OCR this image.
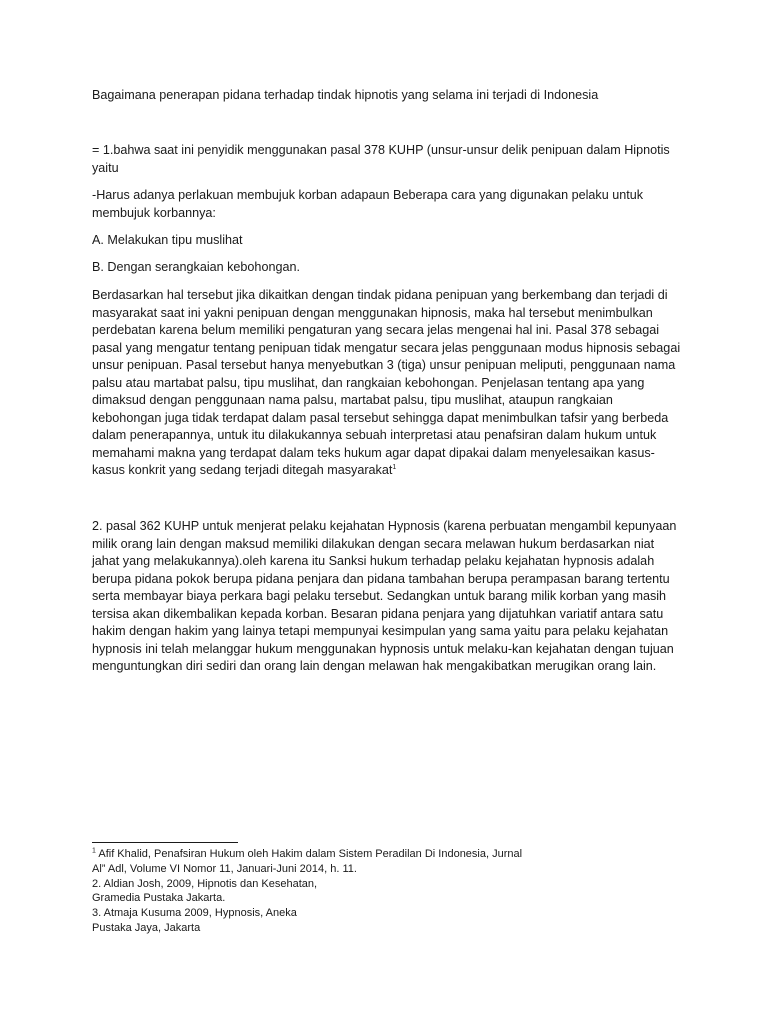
Bagaimana penerapan pidana terhadap tindak hipnotis yang selama ini terjadi di Indonesia

= 1.bahwa saat ini penyidik menggunakan pasal 378 KUHP (unsur-unsur delik penipuan dalam Hipnotis yaitu

-Harus adanya perlakuan membujuk korban adapaun Beberapa cara yang digunakan pelaku untuk membujuk korbannya:

A. Melakukan tipu muslihat

B. Dengan serangkaian kebohongan.

Berdasarkan hal tersebut jika dikaitkan dengan tindak pidana penipuan yang berkembang dan terjadi di masyarakat saat ini yakni penipuan dengan menggunakan hipnosis, maka hal tersebut menimbulkan perdebatan karena belum memiliki pengaturan yang secara jelas mengenai hal ini. Pasal 378 sebagai pasal yang mengatur tentang penipuan tidak mengatur secara jelas penggunaan modus hipnosis sebagai unsur penipuan. Pasal tersebut hanya menyebutkan 3 (tiga) unsur penipuan meliputi, penggunaan nama palsu atau martabat palsu, tipu muslihat, dan rangkaian kebohongan. Penjelasan tentang apa yang dimaksud dengan penggunaan nama palsu, martabat palsu, tipu muslihat, ataupun rangkaian kebohongan juga tidak terdapat dalam pasal tersebut sehingga dapat menimbulkan tafsir yang berbeda dalam penerapannya, untuk itu dilakukannya sebuah interpretasi atau penafsiran dalam hukum untuk memahami makna yang terdapat dalam teks hukum agar dapat dipakai dalam menyelesaikan kasus-kasus konkrit yang sedang terjadi ditegah masyarakat$^1$

2. pasal 362 KUHP untuk menjerat pelaku kejahatan Hypnosis (karena perbuatan mengambil kepunyaan milik orang lain dengan maksud memiliki dilakukan dengan secara melawan hukum berdasarkan niat jahat yang melakukannya).oleh karena itu Sanksi hukum terhadap pelaku kejahatan hypnosis adalah berupa pidana pokok berupa pidana penjara dan pidana tambahan berupa perampasan barang tertentu serta membayar biaya perkara bagi pelaku tersebut. Sedangkan untuk barang milik korban yang masih tersisa akan dikembalikan kepada korban. Besaran pidana penjara yang dijatuhkan variatif antara satu hakim dengan hakim yang lainya tetapi mempunyai kesimpulan yang sama yaitu para pelaku kejahatan hypnosis ini telah melanggar hukum menggunakan hypnosis untuk melaku-kan kejahatan dengan tujuan menguntungkan diri sediri dan orang lain dengan melawan hak mengakibatkan merugikan orang lain.

$^1$ Afif Khalid, Penafsiran Hukum oleh Hakim dalam Sistem Peradilan Di Indonesia, Jurnal
Al” Adl, Volume VI Nomor 11, Januari-Juni 2014, h. 11.
2. Aldian Josh, 2009, Hipnotis dan Kesehatan,
Gramedia Pustaka Jakarta.
3. Atmaja Kusuma 2009, Hypnosis, Aneka
Pustaka Jaya, Jakarta
